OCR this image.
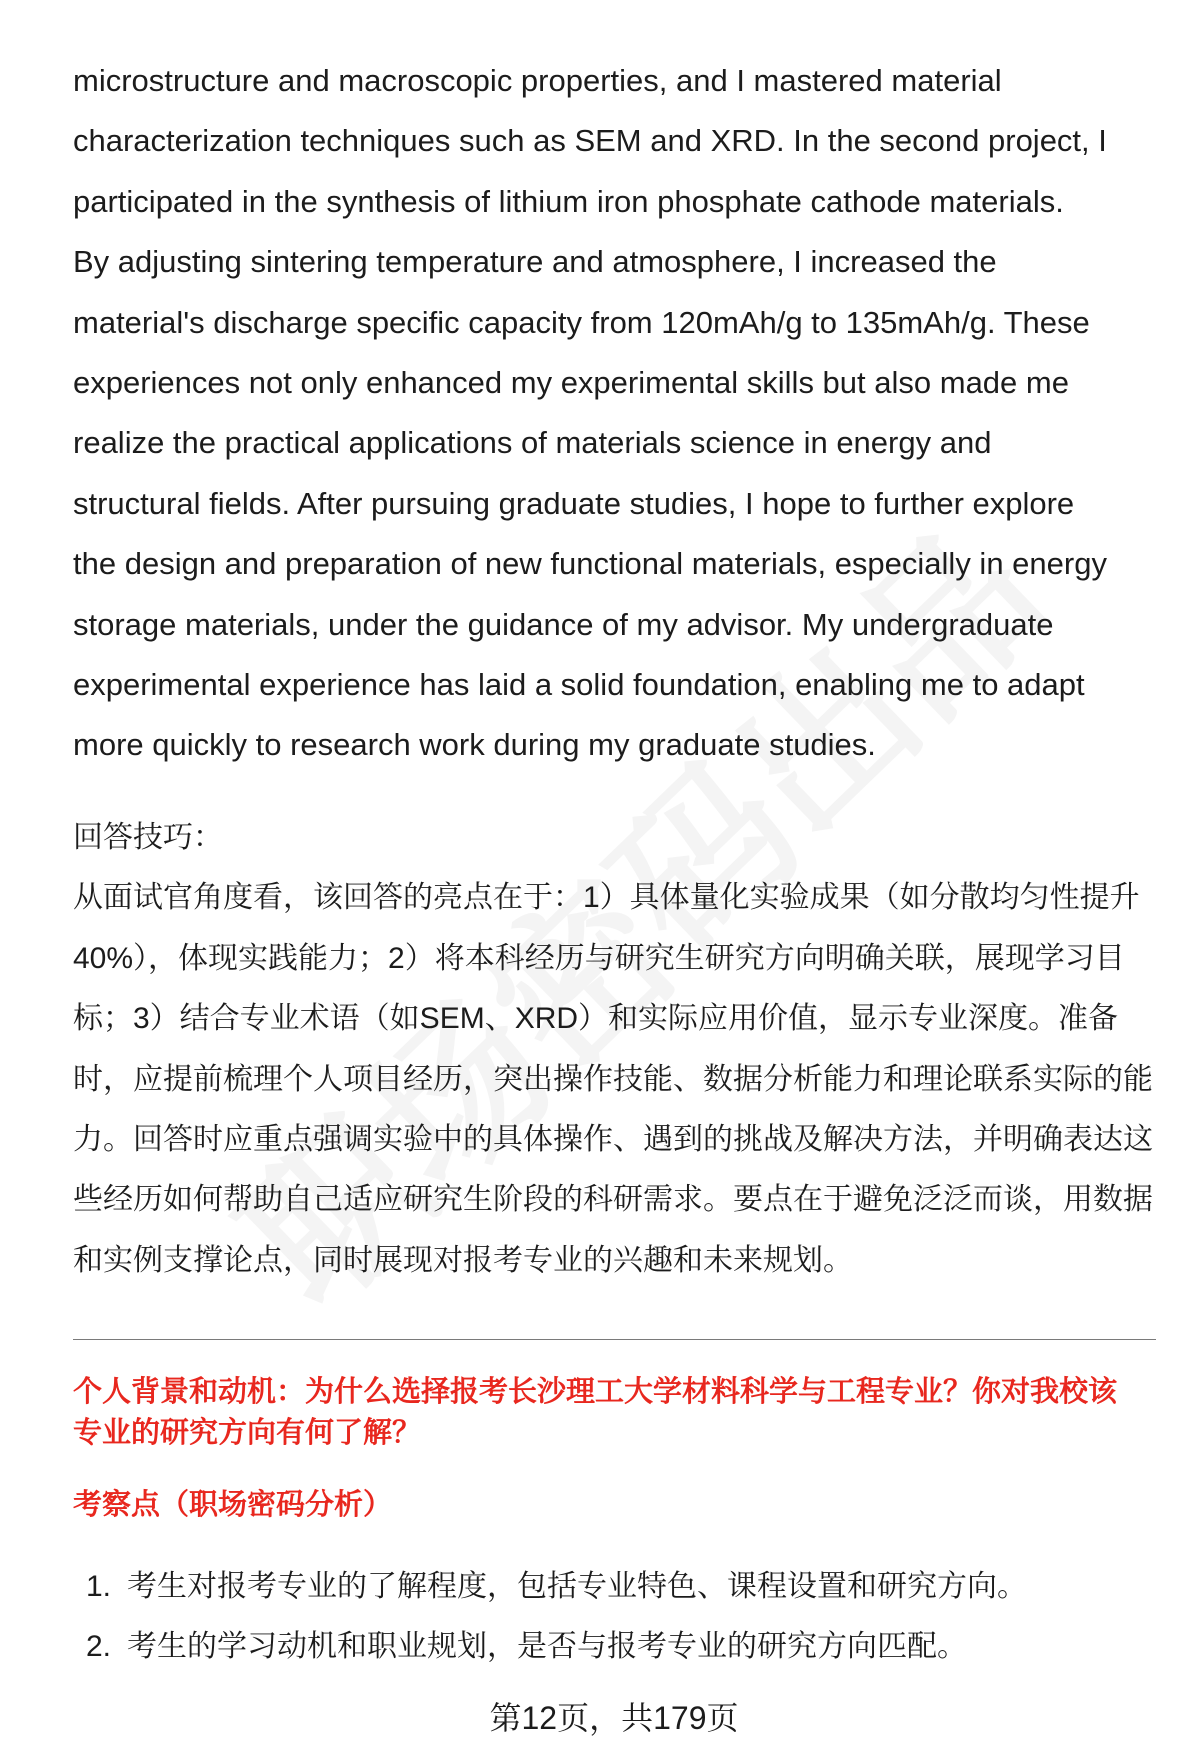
microstructure and macroscopic properties, and I mastered material
characterization techniques such as SEM and XRD. In the second project, I
participated in the synthesis of lithium iron phosphate cathode materials.
By adjusting sintering temperature and atmosphere, I increased the
material's discharge specific capacity from 120mAh/g to 135mAh/g. These
experiences not only enhanced my experimental skills but also made me
realize the practical applications of materials science in energy and
structural fields. After pursuing graduate studies, I hope to further explore
the design and preparation of new functional materials, especially in energy
storage materials, under the guidance of my advisor. My undergraduate
experimental experience has laid a solid foundation, enabling me to adapt
more quickly to research work during my graduate studies.
回答技巧：
从面试官角度看，该回答的亮点在于：1）具体量化实验成果（如分散均匀性提升
40%），体现实践能力；2）将本科经历与研究生研究方向明确关联，展现学习目
标；3）结合专业术语（如SEM、XRD）和实际应用价值，显示专业深度。准备
时，应提前梳理个人项目经历，突出操作技能、数据分析能力和理论联系实际的能
力。回答时应重点强调实验中的具体操作、遇到的挑战及解决方法，并明确表达这
些经历如何帮助自己适应研究生阶段的科研需求。要点在于避免泛泛而谈，用数据
和实例支撑论点，同时展现对报考专业的兴趣和未来规划。
个人背景和动机：为什么选择报考长沙理工大学材料科学与工程专业？你对我校该
专业的研究方向有何了解？
考察点（职场密码分析）
1. 考生对报考专业的了解程度，包括专业特色、课程设置和研究方向。
2. 考生的学习动机和职业规划，是否与报考专业的研究方向匹配。
第12页，共179页
